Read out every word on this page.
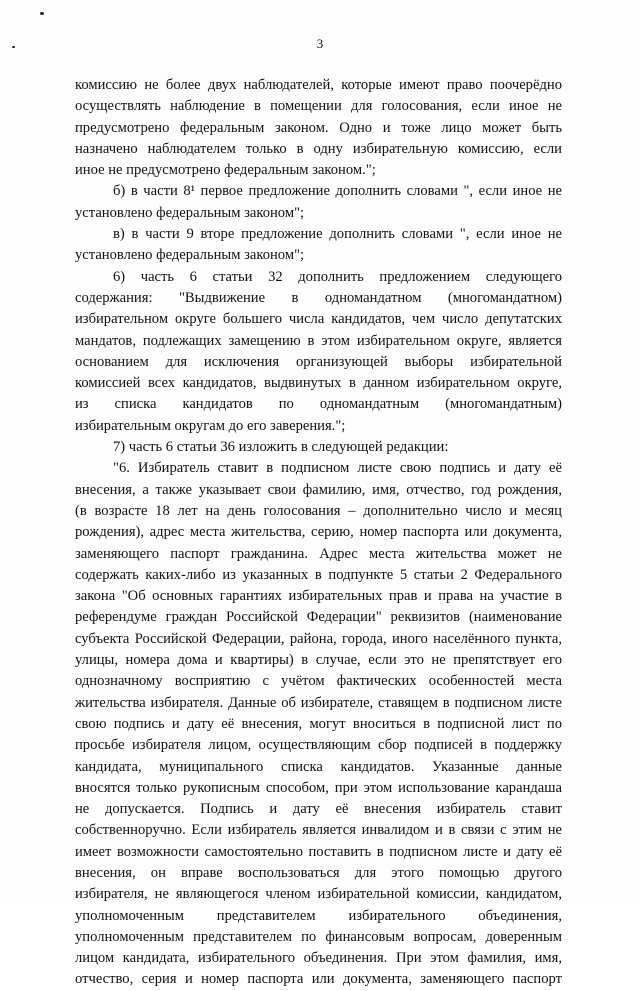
3
комиссию не более двух наблюдателей, которые имеют право поочерёдно
осуществлять наблюдение в помещении для голосования, если иное не
предусмотрено федеральным законом. Одно и тоже лицо может быть
назначено наблюдателем только в одну избирательную комиссию, если
иное не предусмотрено федеральным законом.";
б) в части 8¹ первое предложение дополнить словами ", если иное не
установлено федеральным законом";
в) в части 9 вторе предложение дополнить словами ", если иное не
установлено федеральным законом";
6) часть 6 статьи 32 дополнить предложением следующего
содержания: "Выдвижение в одномандатном (многомандатном)
избирательном округе большего числа кандидатов, чем число депутатских
мандатов, подлежащих замещению в этом избирательном округе, является
основанием для исключения организующей выборы избирательной
комиссией всех кандидатов, выдвинутых в данном избирательном округе,
из списка кандидатов по одномандатным (многомандатным)
избирательным округам до его заверения.";
7) часть 6 статьи 36 изложить в следующей редакции:
"6. Избиратель ставит в подписном листе свою подпись и дату её
внесения, а также указывает свои фамилию, имя, отчество, год рождения,
(в возрасте 18 лет на день голосования – дополнительно число и месяц
рождения), адрес места жительства, серию, номер паспорта или документа,
заменяющего паспорт гражданина. Адрес места жительства может не
содержать каких-либо из указанных в подпункте 5 статьи 2 Федерального
закона "Об основных гарантиях избирательных прав и права на участие в
референдуме граждан Российской Федерации" реквизитов (наименование
субъекта Российской Федерации, района, города, иного населённого пункта,
улицы, номера дома и квартиры) в случае, если это не препятствует его
однозначному восприятию с учётом фактических особенностей места
жительства избирателя. Данные об избирателе, ставящем в подписном листе
свою подпись и дату её внесения, могут вноситься в подписной лист по
просьбе избирателя лицом, осуществляющим сбор подписей в поддержку
кандидата, муниципального списка кандидатов. Указанные данные
вносятся только рукописным способом, при этом использование карандаша
не допускается. Подпись и дату её внесения избиратель ставит
собственноручно. Если избиратель является инвалидом и в связи с этим не
имеет возможности самостоятельно поставить в подписном листе и дату её
внесения, он вправе воспользоваться для этого помощью другого
избирателя, не являющегося членом избирательной комиссии, кандидатом,
уполномоченным представителем избирательного объединения,
уполномоченным представителем по финансовым вопросам, доверенным
лицом кандидата, избирательного объединения. При этом фамилия, имя,
отчество, серия и номер паспорта или документа, заменяющего паспорт
